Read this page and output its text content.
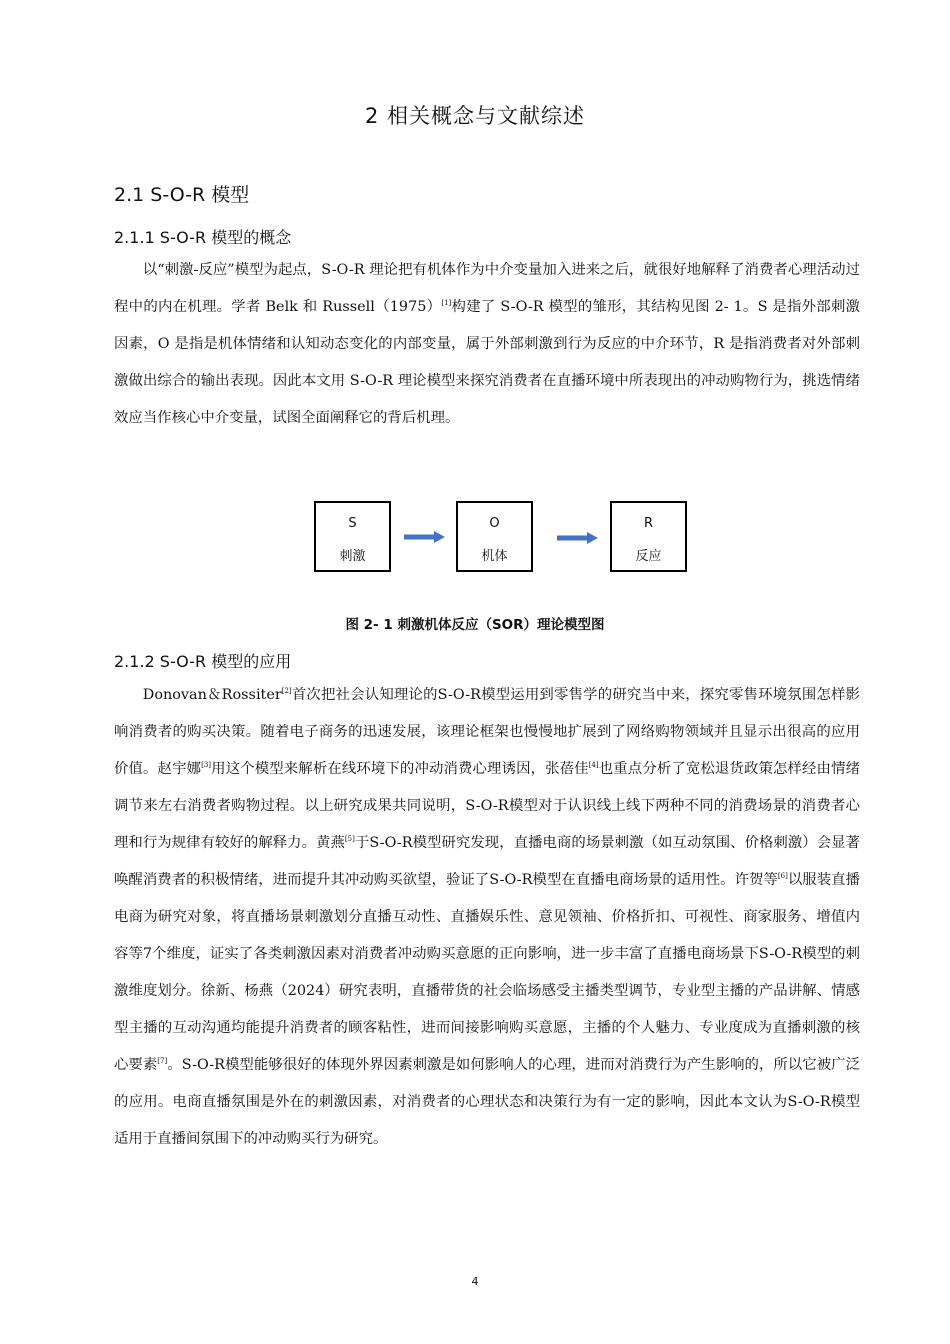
2 相关概念与文献综述
2.1 S-O-R 模型
2.1.1 S-O-R 模型的概念

以“刺激-反应”模型为起点，S-O-R 理论把有机体作为中介变量加入进来之后，就很好地解释了消费者心理活动过程中的内在机理。学者 Belk 和 Russell（1975）[1]构建了 S-O-R 模型的雏形，其结构见图 2- 1。S 是指外部刺激因素，O 是指是机体情绪和认知动态变化的内部变量，属于外部刺激到行为反应的中介环节，R 是指消费者对外部刺激做出综合的输出表现。因此本文用 S-O-R 理论模型来探究消费者在直播环境中所表现出的冲动购物行为，挑选情绪效应当作核心中介变量，试图全面阐释它的背后机理。

S
刺激
O
机体
R
反应
图 2- 1 刺激机体反应（SOR）理论模型图
2.1.2 S-O-R 模型的应用

Donovan＆Rossiter[2]首次把社会认知理论的S-O-R模型运用到零售学的研究当中来，探究零售环境氛围怎样影响消费者的购买决策。随着电子商务的迅速发展，该理论框架也慢慢地扩展到了网络购物领域并且显示出很高的应用价值。赵宇娜[3]用这个模型来解析在线环境下的冲动消费心理诱因，张蓓佳[4]也重点分析了宽松退货政策怎样经由情绪调节来左右消费者购物过程。以上研究成果共同说明，S-O-R模型对于认识线上线下两种不同的消费场景的消费者心理和行为规律有较好的解释力。黄燕[5]于S-O-R模型研究发现，直播电商的场景刺激（如互动氛围、价格刺激）会显著唤醒消费者的积极情绪，进而提升其冲动购买欲望，验证了S-O-R模型在直播电商场景的适用性。许贺等[6]以服装直播电商为研究对象，将直播场景刺激划分直播互动性、直播娱乐性、意见领袖、价格折扣、可视性、商家服务、增值内容等7个维度，证实了各类刺激因素对消费者冲动购买意愿的正向影响，进一步丰富了直播电商场景下S-O-R模型的刺激维度划分。徐新、杨燕（2024）研究表明，直播带货的社会临场感受主播类型调节，专业型主播的产品讲解、情感型主播的互动沟通均能提升消费者的顾客粘性，进而间接影响购买意愿，主播的个人魅力、专业度成为直播刺激的核心要素[7]。S-O-R模型能够很好的体现外界因素刺激是如何影响人的心理，进而对消费行为产生影响的，所以它被广泛的应用。电商直播氛围是外在的刺激因素，对消费者的心理状态和决策行为有一定的影响，因此本文认为S-O-R模型适用于直播间氛围下的冲动购买行为研究。

4
